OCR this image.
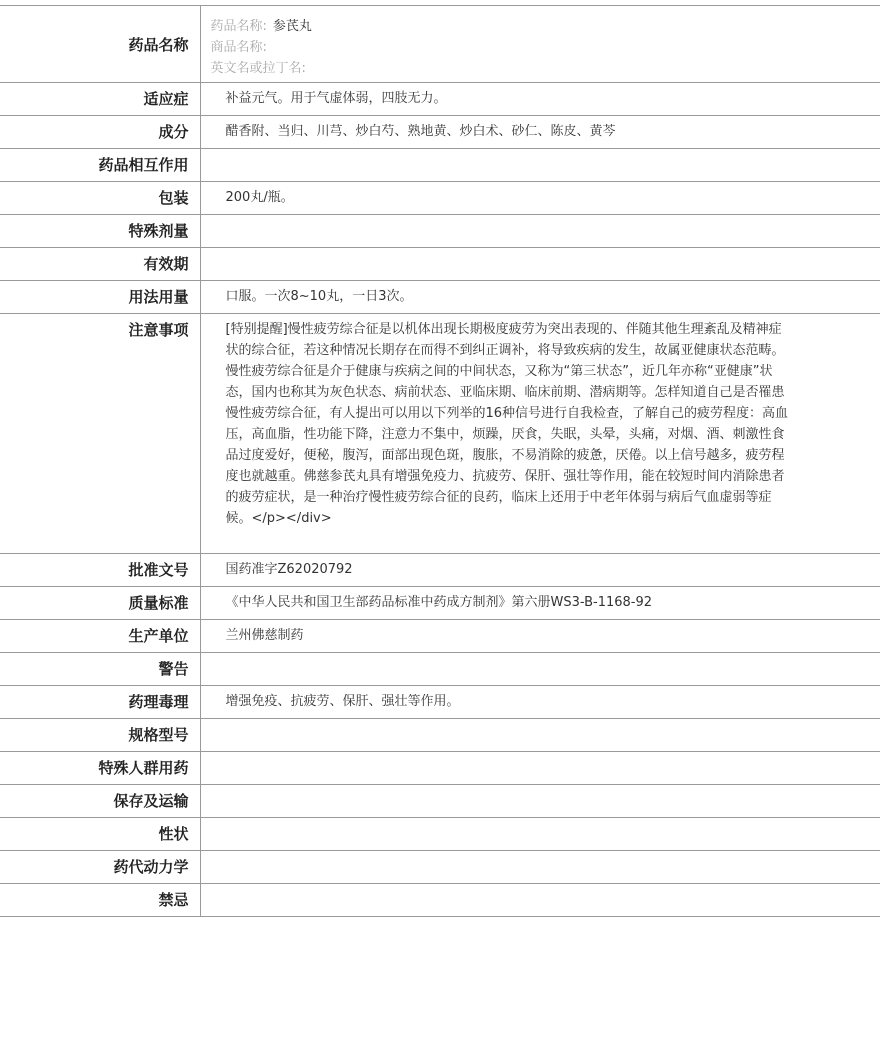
药品名称	药品名称: 参芪丸
商品名称:
英文名或拉丁名:

适应症	补益元气。用于气虚体弱，四肢无力。
成分	醋香附、当归、川芎、炒白芍、熟地黄、炒白术、砂仁、陈皮、黄芩
药品相互作用	
包装	200丸/瓶。
特殊剂量	
有效期	
用法用量	口服。一次8~10丸，一日3次。
注意事项	[特别提醒]慢性疲劳综合征是以机体出现长期极度疲劳为突出表现的、伴随其他生理紊乱及精神症状的综合征，若这种情况长期存在而得不到纠正调补，将导致疾病的发生，故属亚健康状态范畴。慢性疲劳综合征是介于健康与疾病之间的中间状态，又称为“第三状态”，近几年亦称“亚健康”状态，国内也称其为灰色状态、病前状态、亚临床期、临床前期、潜病期等。怎样知道自己是否罹患慢性疲劳综合征，有人提出可以用以下列举的16种信号进行自我检查，了解自己的疲劳程度：高血压，高血脂，性功能下降，注意力不集中，烦躁，厌食，失眠，头晕，头痛，对烟、酒、刺激性食品过度爱好，便秘，腹泻，面部出现色斑，腹胀，不易消除的疲惫，厌倦。以上信号越多，疲劳程度也就越重。佛慈参芪丸具有增强免疫力、抗疲劳、保肝、强壮等作用，能在较短时间内消除患者的疲劳症状，是一种治疗慢性疲劳综合征的良药，临床上还用于中老年体弱与病后气血虚弱等症候。</p></div>

批准文号	国药准字Z62020792
质量标准	《中华人民共和国卫生部药品标准中药成方制剂》第六册WS3-B-1168-92
生产单位	兰州佛慈制药
警告	
药理毒理	增强免疫、抗疲劳、保肝、强壮等作用。
规格型号	
特殊人群用药	
保存及运输	
性状	
药代动力学	
禁忌	
